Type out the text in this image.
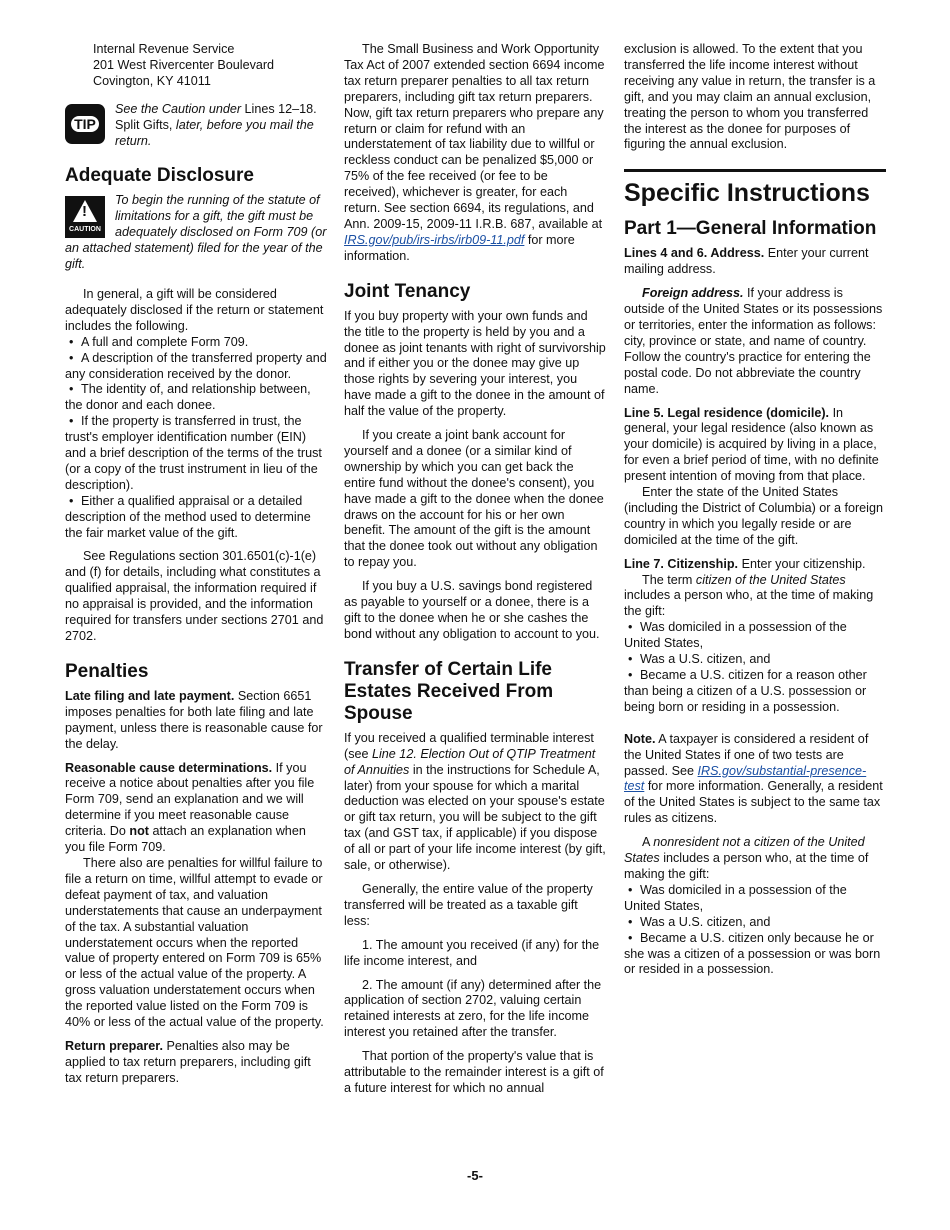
Internal Revenue Service
201 West Rivercenter Boulevard
Covington, KY 41011
TIP
See the Caution under Lines 12–18. Split Gifts, later, before you mail the return.
Adequate Disclosure
!
CAUTION
To begin the running of the statute of limitations for a gift, the gift must be adequately disclosed on Form 709 (or an attached statement) filed for the year of the gift.

In general, a gift will be considered adequately disclosed if the return or statement includes the following.

• A full and complete Form 709.

• A description of the transferred property and any consideration received by the donor.

• The identity of, and relationship between, the donor and each donee.

• If the property is transferred in trust, the trust's employer identification number (EIN) and a brief description of the terms of the trust (or a copy of the trust instrument in lieu of the description).

• Either a qualified appraisal or a detailed description of the method used to determine the fair market value of the gift.

See Regulations section 301.6501(c)-1(e) and (f) for details, including what constitutes a qualified appraisal, the information required if no appraisal is provided, and the information required for transfers under sections 2701 and 2702.

Penalties

Late filing and late payment. Section 6651 imposes penalties for both late filing and late payment, unless there is reasonable cause for the delay.

Reasonable cause determinations. If you receive a notice about penalties after you file Form 709, send an explanation and we will determine if you meet reasonable cause criteria. Do not attach an explanation when you file Form 709.

There also are penalties for willful failure to file a return on time, willful attempt to evade or defeat payment of tax, and valuation understatements that cause an underpayment of the tax. A substantial valuation understatement occurs when the reported value of property entered on Form 709 is 65% or less of the actual value of the property. A gross valuation understatement occurs when the reported value listed on the Form 709 is 40% or less of the actual value of the property.

Return preparer. Penalties also may be applied to tax return preparers, including gift tax return preparers.

The Small Business and Work Opportunity Tax Act of 2007 extended section 6694 income tax return preparer penalties to all tax return preparers, including gift tax return preparers. Now, gift tax return preparers who prepare any return or claim for refund with an understatement of tax liability due to willful or reckless conduct can be penalized $5,000 or 75% of the fee received (or fee to be received), whichever is greater, for each return. See section 6694, its regulations, and Ann. 2009-15, 2009-11 I.R.B. 687, available at IRS.gov/pub/irs-irbs/irb09-11.pdf for more information.

Joint Tenancy

If you buy property with your own funds and the title to the property is held by you and a donee as joint tenants with right of survivorship and if either you or the donee may give up those rights by severing your interest, you have made a gift to the donee in the amount of half the value of the property.

If you create a joint bank account for yourself and a donee (or a similar kind of ownership by which you can get back the entire fund without the donee's consent), you have made a gift to the donee when the donee draws on the account for his or her own benefit. The amount of the gift is the amount that the donee took out without any obligation to repay you.

If you buy a U.S. savings bond registered as payable to yourself or a donee, there is a gift to the donee when he or she cashes the bond without any obligation to account to you.

Transfer of Certain Life Estates Received From Spouse

If you received a qualified terminable interest (see Line 12. Election Out of QTIP Treatment of Annuities in the instructions for Schedule A, later) from your spouse for which a marital deduction was elected on your spouse's estate or gift tax return, you will be subject to the gift tax (and GST tax, if applicable) if you dispose of all or part of your life income interest (by gift, sale, or otherwise).

Generally, the entire value of the property transferred will be treated as a taxable gift less:

1. The amount you received (if any) for the life income interest, and

2. The amount (if any) determined after the application of section 2702, valuing certain retained interests at zero, for the life income interest you retained after the transfer.

That portion of the property's value that is attributable to the remainder interest is a gift of a future interest for which no annual

exclusion is allowed. To the extent that you transferred the life income interest without receiving any value in return, the transfer is a gift, and you may claim an annual exclusion, treating the person to whom you transferred the interest as the donee for purposes of figuring the annual exclusion.

Specific Instructions
Part 1—General Information

Lines 4 and 6. Address. Enter your current mailing address.

Foreign address. If your address is outside of the United States or its possessions or territories, enter the information as follows: city, province or state, and name of country. Follow the country's practice for entering the postal code. Do not abbreviate the country name.

Line 5. Legal residence (domicile). In general, your legal residence (also known as your domicile) is acquired by living in a place, for even a brief period of time, with no definite present intention of moving from that place.

Enter the state of the United States (including the District of Columbia) or a foreign country in which you legally reside or are domiciled at the time of the gift.

Line 7. Citizenship. Enter your citizenship.

The term citizen of the United States includes a person who, at the time of making the gift:

• Was domiciled in a possession of the United States,

• Was a U.S. citizen, and

• Became a U.S. citizen for a reason other than being a citizen of a U.S. possession or being born or residing in a possession.

Note. A taxpayer is considered a resident of the United States if one of two tests are passed. See IRS.gov/substantial-presence-test for more information. Generally, a resident of the United States is subject to the same tax rules as citizens.

A nonresident not a citizen of the United States includes a person who, at the time of making the gift:

• Was domiciled in a possession of the United States,

• Was a U.S. citizen, and

• Became a U.S. citizen only because he or she was a citizen of a possession or was born or resided in a possession.

-5-
